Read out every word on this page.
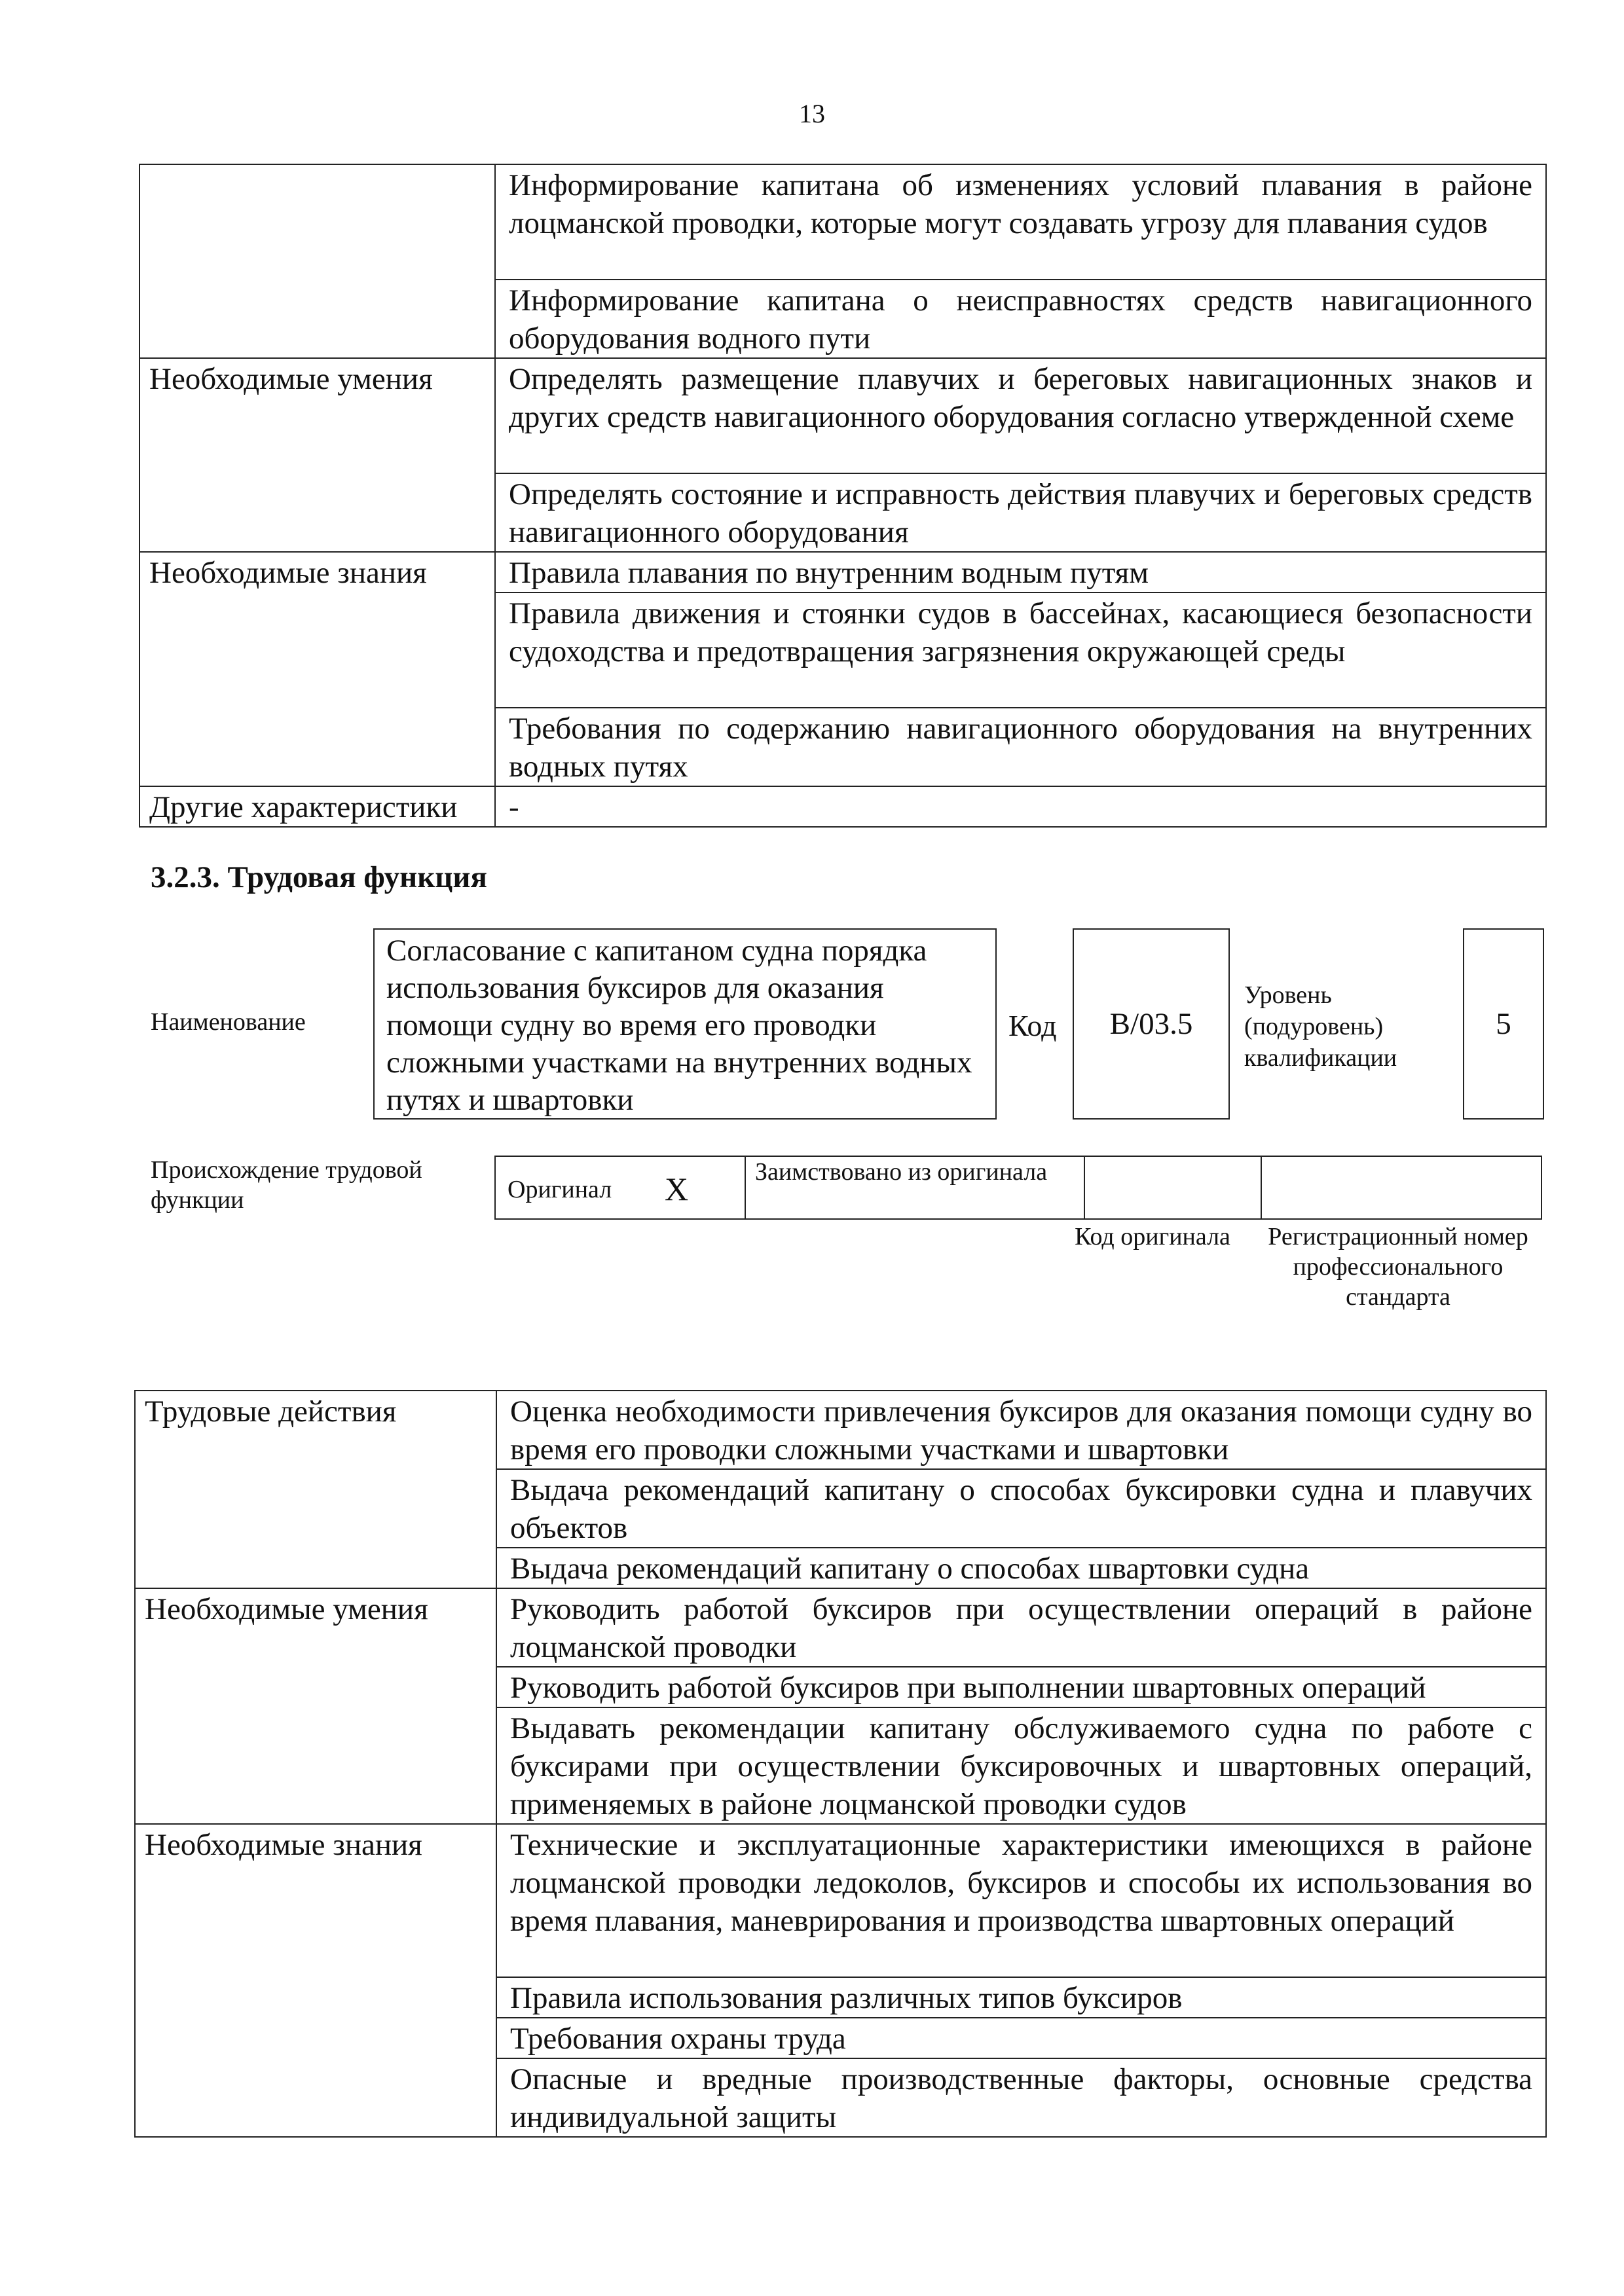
13
	Информирование капитана об изменениях условий плавания в районе лоцманской проводки, которые могут создавать угрозу для плавания судов
	Информирование капитана о неисправностях средств навигационного оборудования водного пути
Необходимые умения	Определять размещение плавучих и береговых навигационных знаков и других средств навигационного оборудования согласно утвержденной схеме
	Определять состояние и исправность действия плавучих и береговых средств навигационного оборудования
Необходимые знания	Правила плавания по внутренним водным путям
	Правила движения и стоянки судов в бассейнах, касающиеся безопасности судоходства и предотвращения загрязнения окружающей среды
	Требования по содержанию навигационного оборудования на внутренних водных путях
Другие характеристики	-
3.2.3. Трудовая функция
Наименование
Согласование с капитаном судна порядка использования буксиров для оказания помощи судну во время его проводки сложными участками на внутренних водных путях и швартовки
Код	B/03.5
Уровень (подуровень) квалификации
5
Происхождение трудовой функции	Оригинал X	Заимствовано из оригинала
Код оригинала Регистрационный номер профессионального стандарта
Трудовые действия	Оценка необходимости привлечения буксиров для оказания помощи судну во время его проводки сложными участками и швартовки
	Выдача рекомендаций капитану о способах буксировки судна и плавучих объектов
	Выдача рекомендаций капитану о способах швартовки судна
Необходимые умения	Руководить работой буксиров при осуществлении операций в районе лоцманской проводки
	Руководить работой буксиров при выполнении швартовных операций
	Выдавать рекомендации капитану обслуживаемого судна по работе с буксирами при осуществлении буксировочных и швартовных операций, применяемых в районе лоцманской проводки судов
Необходимые знания	Технические и эксплуатационные характеристики имеющихся в районе лоцманской проводки ледоколов, буксиров и способы их использования во время плавания, маневрирования и производства швартовных операций
	Правила использования различных типов буксиров
	Требования охраны труда
	Опасные и вредные производственные факторы, основные средства индивидуальной защиты
